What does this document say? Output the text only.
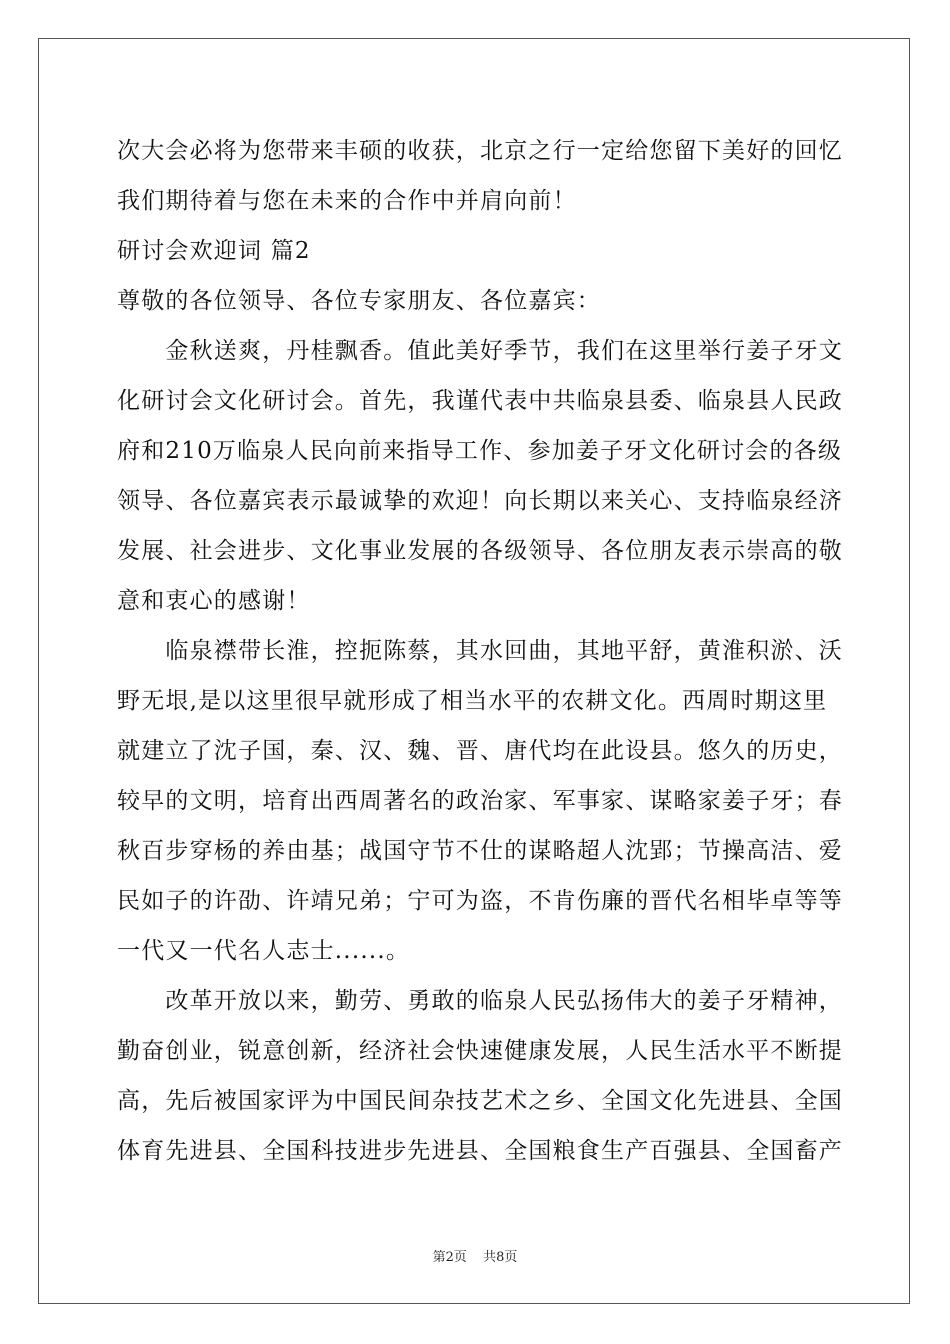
次大会必将为您带来丰硕的收获，北京之行一定给您留下美好的回忆
我们期待着与您在未来的合作中并肩向前！
研讨会欢迎词 篇2
尊敬的各位领导、各位专家朋友、各位嘉宾：
　　金秋送爽，丹桂飘香。值此美好季节，我们在这里举行姜子牙文
化研讨会文化研讨会。首先，我谨代表中共临泉县委、临泉县人民政
府和210万临泉人民向前来指导工作、参加姜子牙文化研讨会的各级
领导、各位嘉宾表示最诚挚的欢迎！向长期以来关心、支持临泉经济
发展、社会进步、文化事业发展的各级领导、各位朋友表示崇高的敬
意和衷心的感谢！
　　临泉襟带长淮，控扼陈蔡，其水回曲，其地平舒，黄淮积淤、沃
野无垠,是以这里很早就形成了相当水平的农耕文化。西周时期这里
就建立了沈子国，秦、汉、魏、晋、唐代均在此设县。悠久的历史，
较早的文明，培育出西周著名的政治家、军事家、谋略家姜子牙；春
秋百步穿杨的养由基；战国守节不仕的谋略超人沈郢；节操高洁、爱
民如子的许劭、许靖兄弟；宁可为盗，不肯伤廉的晋代名相毕卓等等
一代又一代名人志士......。
　　改革开放以来，勤劳、勇敢的临泉人民弘扬伟大的姜子牙精神，
勤奋创业，锐意创新，经济社会快速健康发展，人民生活水平不断提
高，先后被国家评为中国民间杂技艺术之乡、全国文化先进县、全国
体育先进县、全国科技进步先进县、全国粮食生产百强县、全国畜产
第2页 共8页
